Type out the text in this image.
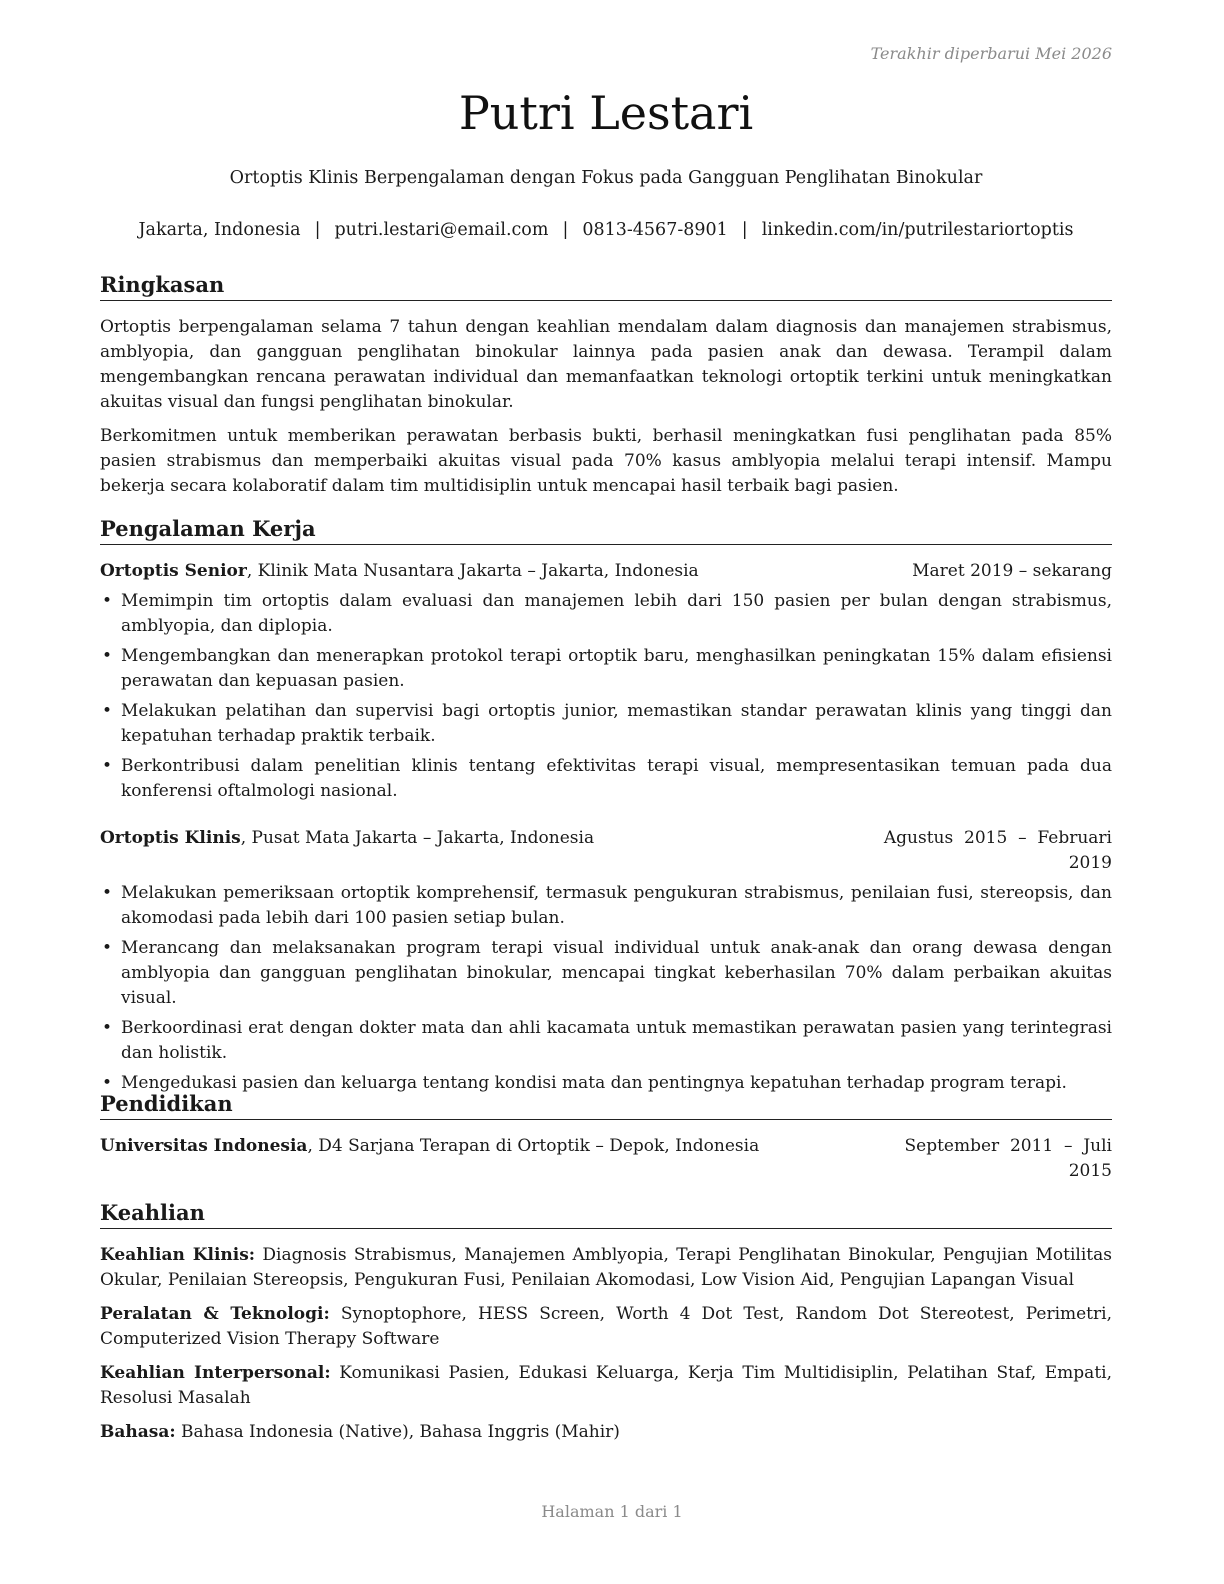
Terakhir diperbarui Mei 2026
Putri Lestari
Ortoptis Klinis Berpengalaman dengan Fokus pada Gangguan Penglihatan Binokular
Jakarta, Indonesia | putri.lestari@email.com | 0813-4567-8901 | linkedin.com/in/putrilestariortoptis
Ringkasan

Ortoptis berpengalaman selama 7 tahun dengan keahlian mendalam dalam diagnosis dan manajemen strabismus, amblyopia, dan gangguan penglihatan binokular lainnya pada pasien anak dan dewasa. Terampil dalam mengembangkan rencana perawatan individual dan memanfaatkan teknologi ortoptik terkini untuk meningkatkan akuitas visual dan fungsi penglihatan binokular.

Berkomitmen untuk memberikan perawatan berbasis bukti, berhasil meningkatkan fusi penglihatan pada 85% pasien strabismus dan memperbaiki akuitas visual pada 70% kasus amblyopia melalui terapi intensif. Mampu bekerja secara kolaboratif dalam tim multidisiplin untuk mencapai hasil terbaik bagi pasien.

Pengalaman Kerja
Ortoptis Senior, Klinik Mata Nusantara Jakarta – Jakarta, Indonesia	Maret 2019 – sekarang
• Memimpin tim ortoptis dalam evaluasi dan manajemen lebih dari 150 pasien per bulan dengan strabismus, amblyopia, dan diplopia.
• Mengembangkan dan menerapkan protokol terapi ortoptik baru, menghasilkan peningkatan 15% dalam efisiensi perawatan dan kepuasan pasien.
• Melakukan pelatihan dan supervisi bagi ortoptis junior, memastikan standar perawatan klinis yang tinggi dan kepatuhan terhadap praktik terbaik.
• Berkontribusi dalam penelitian klinis tentang efektivitas terapi visual, mempresentasikan temuan pada dua konferensi oftalmologi nasional.
Ortoptis Klinis, Pusat Mata Jakarta – Jakarta, Indonesia	Agustus  2015  –  Februari
2019
• Melakukan pemeriksaan ortoptik komprehensif, termasuk pengukuran strabismus, penilaian fusi, stereopsis, dan akomodasi pada lebih dari 100 pasien setiap bulan.
• Merancang dan melaksanakan program terapi visual individual untuk anak-anak dan orang dewasa dengan amblyopia dan gangguan penglihatan binokular, mencapai tingkat keberhasilan 70% dalam perbaikan akuitas visual.
• Berkoordinasi erat dengan dokter mata dan ahli kacamata untuk memastikan perawatan pasien yang terintegrasi dan holistik.
• Mengedukasi pasien dan keluarga tentang kondisi mata dan pentingnya kepatuhan terhadap program terapi.
Pendidikan
Universitas Indonesia, D4 Sarjana Terapan di Ortoptik – Depok, Indonesia	September  2011  –  Juli
2015
Keahlian

Keahlian Klinis: Diagnosis Strabismus, Manajemen Amblyopia, Terapi Penglihatan Binokular, Pengujian Motilitas Okular, Penilaian Stereopsis, Pengukuran Fusi, Penilaian Akomodasi, Low Vision Aid, Pengujian Lapangan Visual

Peralatan & Teknologi: Synoptophore, HESS Screen, Worth 4 Dot Test, Random Dot Stereotest, Perimetri, Computerized Vision Therapy Software

Keahlian Interpersonal: Komunikasi Pasien, Edukasi Keluarga, Kerja Tim Multidisiplin, Pelatihan Staf, Empati, Resolusi Masalah

Bahasa: Bahasa Indonesia (Native), Bahasa Inggris (Mahir)

Halaman 1 dari 1
